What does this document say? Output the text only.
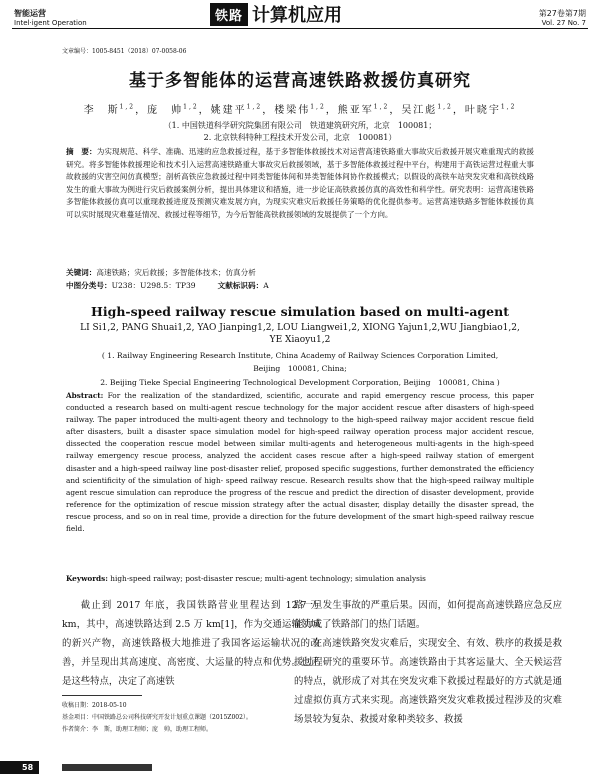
智能运营
Intel·igent Operation	铁路 计算机应用	第27卷第7期
Vol. 27 No. 7
文章编号：1005-8451（2018）07-0058-06
基于多智能体的运营高速铁路救援仿真研究
李　斯$^{1,2}$，庞　帅$^{1,2}$，姚建平$^{1,2}$，楼梁伟$^{1,2}$，熊亚军$^{1,2}$，吴江彪$^{1,2}$，叶晓宇$^{1,2}$
（1. 中国铁道科学研究院集团有限公司　铁道建筑研究所，北京　100081；
2. 北京铁科特种工程技术开发公司，北京　100081）
摘　要：为实现规范、科学、准确、迅速的应急救援过程，基于多智能体救援技术对运营高速铁路重大事故灾后救援开展灾难重现式的救援研究。将多智能体救援理论和技术引入运营高速铁路重大事故灾后救援领域，基于多智能体救援过程中平台，构建用于高铁运营过程重大事故救援的灾害空间仿真模型；剖析高铁应急救援过程中同类智能体间和异类智能体间协作救援模式；以假设的高铁车站突发灾难和高铁线路发生的重大事故为例进行灾后救援案例分析，提出具体建议和措施，进一步论证高铁救援仿真的高效性和科学性。研究表明：运营高速铁路多智能体救援仿真可以重现救援进度及预测灾难发展方向，为现实灾难灾后救援任务策略的优化提供参考。运营高速铁路多智能体救援仿真可以实时展现灾难蔓延情况、救援过程等细节，为今后智能高铁救援领域的发展提供了一个方向。
关键词：高速铁路；灾后救援；多智能体技术；仿真分析
中图分类号：U238：U298.5：TP39	文献标识码：A
High-speed railway rescue simulation based on multi-agent
LI Si1,2, PANG Shuai1,2, YAO Jianping1,2, LOU Liangwei1,2, XIONG Yajun1,2,WU Jiangbiao1,2,
YE Xiaoyu1,2
( 1. Railway Engineering Research Institute, China Academy of Railway Sciences Corporation Limited,
Beijing　100081, China;
2. Beijing Tieke Special Engineering Technological Development Corporation, Beijing　100081, China )
Abstract: For the realization of the standardized, scientific, accurate and rapid emergency rescue process, this paper conducted a research based on multi-agent rescue technology for the major accident rescue after disasters of high-speed railway. The paper introduced the multi-agent theory and technology to the high-speed railway major accident rescue field after disasters, built a disaster space simulation model for high-speed railway operation process major accident rescue, dissected the cooperation rescue model between similar multi-agents and heterogeneous multi-agents in the high-speed railway emergency rescue process, analyzed the accident cases rescue after a high-speed railway station of emergent disaster and a high-speed railway line post-disaster relief, proposed specific suggestions, further demonstrated the efficiency and scientificity of the simulation of high- speed railway rescue. Research results show that the high-speed railway multiple agent rescue simulation can reproduce the progress of the rescue and predict the direction of disaster development, provide reference for the optimization of rescue mission strategy after the actual disaster, display detailly the disaster spread, the rescue process, and so on in real time, provide a direction for the future development of the smart high-speed railway rescue field.
Keywords: high-speed railway; post-disaster rescue; multi-agent technology; simulation analysis
截止到 2017 年底，我国铁路营业里程达到 12.7 万 km，其中，高速铁路达到 2.5 万 km[1]，作为交通运输领域的新兴产物，高速铁路极大地推进了我国客运运输状况的改善，并呈现出其高速度、高密度、大运量的特点和优势。也正是这些特点，决定了高速铁
路一旦发生事故的严重后果。因而，如何提高高速铁路应急反应能力成了铁路部门的热门话题。
在高速铁路突发灾难后，实现安全、有效、秩序的救援是救援过程研究的重要环节。高速铁路由于其客运量大、全天候运营的特点，就形成了对其在突发灾难下救援过程最好的方式就是通过虚拟仿真方式来实现。高速铁路突发灾难救援过程涉及的灾难场景较为复杂、救援对象种类较多、救援
收稿日期：2018-05-10
基金项目：中国铁路总公司科技研究开发计划重点课题（2015Z002）。
作者简介：李　斯，助理工程师；庞　帅，助理工程师。
58
